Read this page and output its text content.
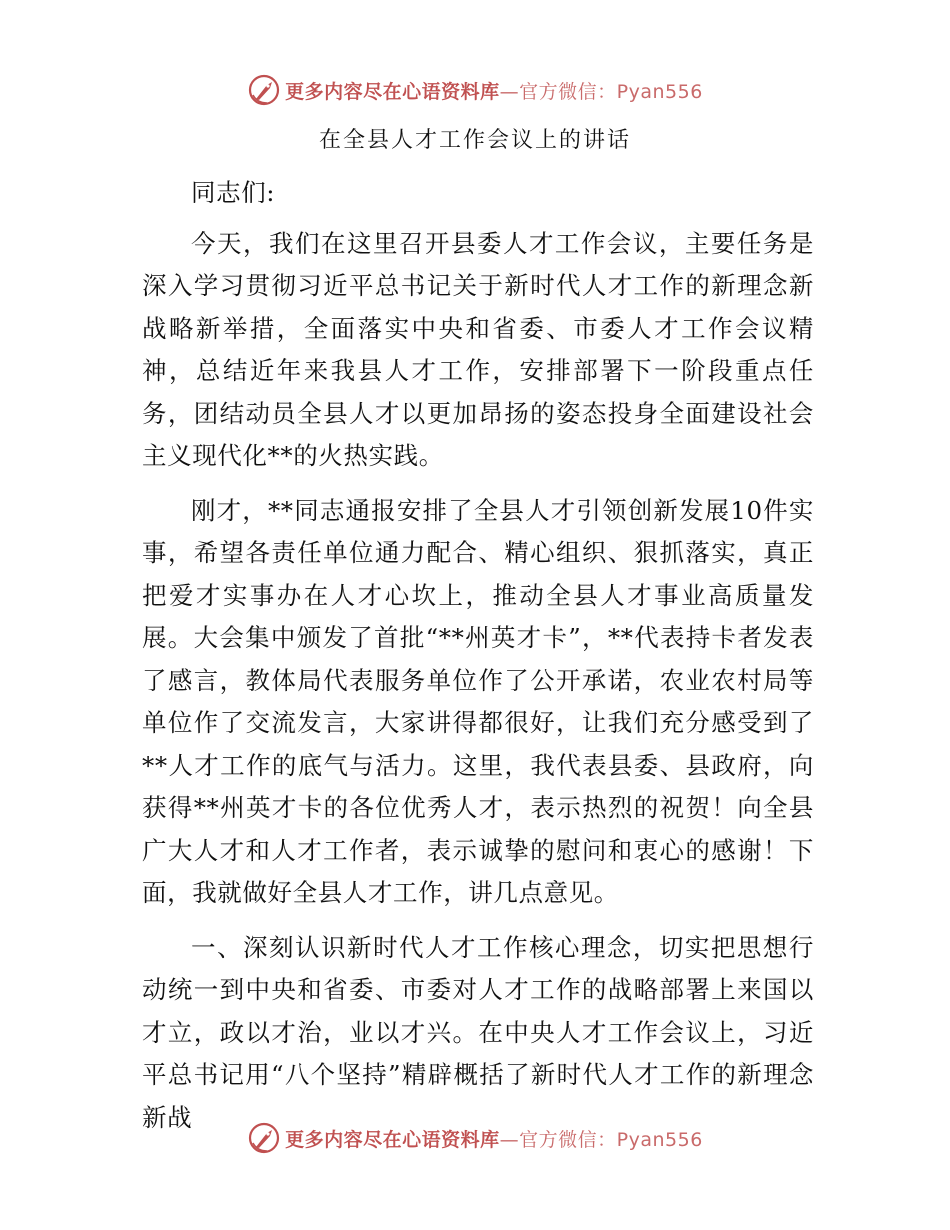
更多内容尽在心语资料库—官方微信：Pyan556
在全县人才工作会议上的讲话

同志们:

今天，我们在这里召开县委人才工作会议，主要任务是深入学习贯彻习近平总书记关于新时代人才工作的新理念新战略新举措，全面落实中央和省委、市委人才工作会议精神，总结近年来我县人才工作，安排部署下一阶段重点任务，团结动员全县人才以更加昂扬的姿态投身全面建设社会主义现代化**的火热实践。

刚才，**同志通报安排了全县人才引领创新发展10件实事，希望各责任单位通力配合、精心组织、狠抓落实，真正把爱才实事办在人才心坎上，推动全县人才事业高质量发展。大会集中颁发了首批“**州英才卡”，**代表持卡者发表了感言，教体局代表服务单位作了公开承诺，农业农村局等单位作了交流发言，大家讲得都很好，让我们充分感受到了**人才工作的底气与活力。这里，我代表县委、县政府，向获得**州英才卡的各位优秀人才，表示热烈的祝贺！向全县广大人才和人才工作者，表示诚挚的慰问和衷心的感谢！下面，我就做好全县人才工作，讲几点意见。

一、深刻认识新时代人才工作核心理念，切实把思想行动统一到中央和省委、市委对人才工作的战略部署上来国以才立，政以才治，业以才兴。在中央人才工作会议上，习近平总书记用“八个坚持”精辟概括了新时代人才工作的新理念新战

更多内容尽在心语资料库—官方微信：Pyan556
